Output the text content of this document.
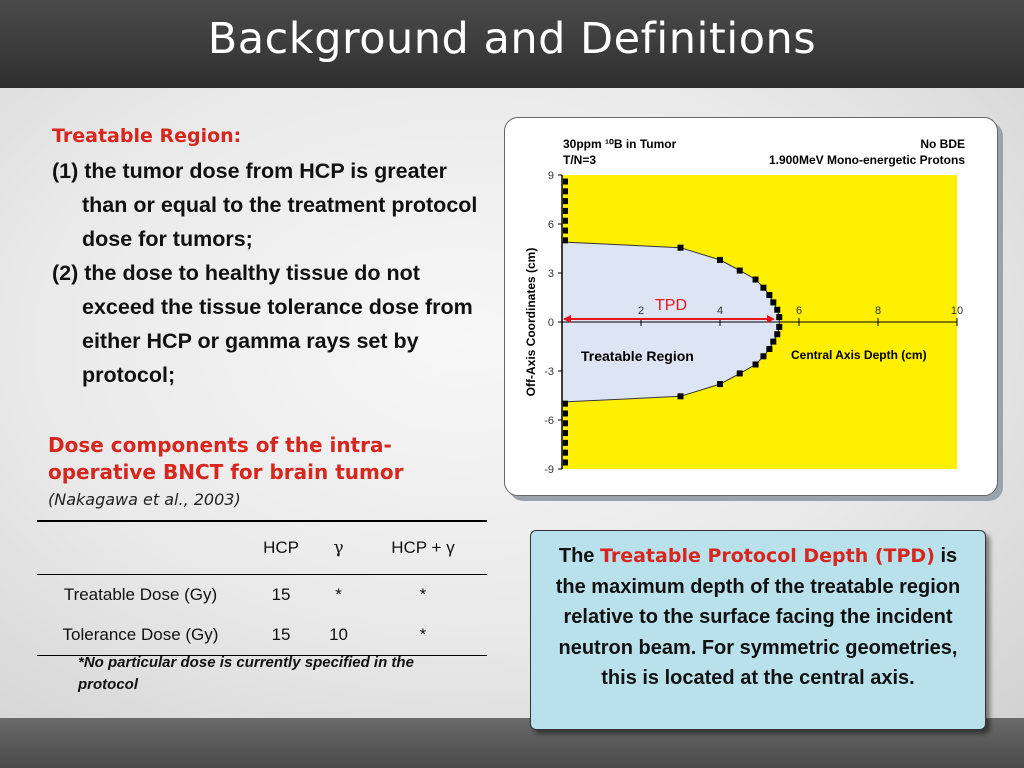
Background and Definitions
Treatable Region:
(1) the tumor dose from HCP is greater than or equal to the treatment protocol dose for tumors;
(2) the dose to healthy tissue do not exceed the tissue tolerance dose from either HCP or gamma rays set by protocol;
Dose components of the intra-operative BNCT for brain tumor
(Nakagawa et al., 2003)
	HCP	γ	HCP + γ
Treatable Dose (Gy)	15	*	*
Tolerance Dose (Gy)	15	10	*
*No particular dose is currently specified in the protocol
2	4	6	8	10
9
6
3
0
-3
-6
-9
30ppm ¹⁰B in Tumor
T/N=3
No BDE
1.900MeV Mono-energetic Protons
Central Axis Depth (cm)
Off-Axis Coordinates (cm)	Treatable Region
TPD
The Treatable Protocol Depth (TPD) is the maximum depth of the treatable region relative to the surface facing the incident neutron beam. For symmetric geometries, this is located at the central axis.
